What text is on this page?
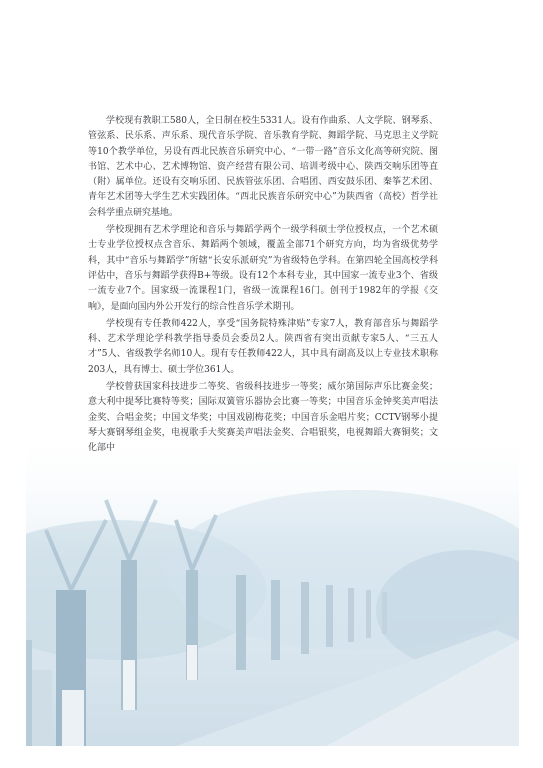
学校现有教职工580人，全日制在校生5331人。设有作曲系、人文学院、钢琴系、管弦系、民乐系、声乐系、现代音乐学院、音乐教育学院、舞蹈学院、马克思主义学院等10个教学单位，另设有西北民族音乐研究中心、“一带一路”音乐文化高等研究院、图书馆、艺术中心、艺术博物馆、资产经营有限公司、培训考级中心、陕西交响乐团等直（附）属单位。还设有交响乐团、民族管弦乐团、合唱团、西安鼓乐团、秦筝艺术团、青年艺术团等大学生艺术实践团体。“西北民族音乐研究中心”为陕西省（高校）哲学社会科学重点研究基地。

学校现拥有艺术学理论和音乐与舞蹈学两个一级学科硕士学位授权点，一个艺术硕士专业学位授权点含音乐、舞蹈两个领域，覆盖全部71个研究方向，均为省级优势学科，其中“音乐与舞蹈学”所辖“长安乐派研究”为省级特色学科。在第四轮全国高校学科评估中，音乐与舞蹈学获得B+等级。设有12个本科专业，其中国家一流专业3个、省级一流专业7个。国家级一流课程1门，省级一流课程16门。创刊于1982年的学报《交响》，是面向国内外公开发行的综合性音乐学术期刊。

学校现有专任教师422人，享受“国务院特殊津贴”专家7人，教育部音乐与舞蹈学科、艺术学理论学科教学指导委员会委员2人。陕西省有突出贡献专家5人、“三五人才”5人、省级教学名师10人。现有专任教师422人，其中具有副高及以上专业技术职称203人，具有博士、硕士学位361人。

学校曾获国家科技进步二等奖、省级科技进步一等奖；威尔第国际声乐比赛金奖；意大利中提琴比赛特等奖；国际双簧管乐器协会比赛一等奖；中国音乐金钟奖美声唱法金奖、合唱金奖；中国文华奖；中国戏剧梅花奖；中国音乐金唱片奖；CCTV钢琴小提琴大赛钢琴组金奖，电视歌手大奖赛美声唱法金奖、合唱银奖，电视舞蹈大赛铜奖；文化部中
